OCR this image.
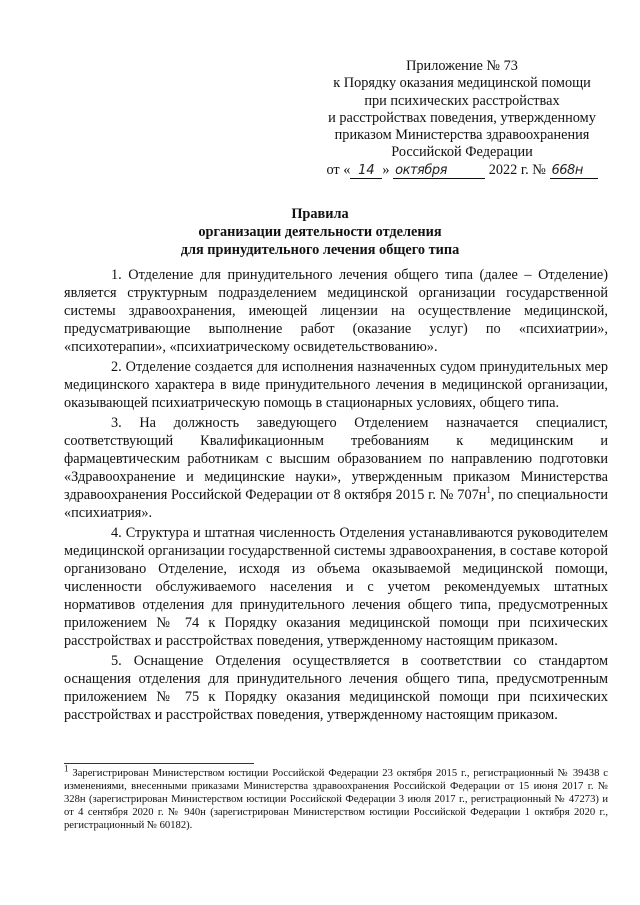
Приложение № 73
к Порядку оказания медицинской помощи
при психических расстройствах
и расстройствах поведения, утвержденному
приказом Министерства здравоохранения
Российской Федерации
от « 14 » октября	2022 г. № 668н
Правила
организации деятельности отделения
для принудительного лечения общего типа

1. Отделение для принудительного лечения общего типа (далее – Отделение) является структурным подразделением медицинской организации государственной системы здравоохранения, имеющей лицензии на осуществление медицинской, предусматривающие выполнение работ (оказание услуг) по «психиатрии», «психотерапии», «психиатрическому освидетельствованию».

2. Отделение создается для исполнения назначенных судом принудительных мер медицинского характера в виде принудительного лечения в медицинской организации, оказывающей психиатрическую помощь в стационарных условиях, общего типа.

3. На должность заведующего Отделением назначается специалист, соответствующий Квалификационным требованиям к медицинским и фармацевтическим работникам с высшим образованием по направлению подготовки «Здравоохранение и медицинские науки», утвержденным приказом Министерства здравоохранения Российской Федерации от 8 октября 2015 г. № $707н^1$, по специальности «психиатрия».

4. Структура и штатная численность Отделения устанавливаются руководителем медицинской организации государственной системы здравоохранения, в составе которой организовано Отделение, исходя из объема оказываемой медицинской помощи, численности обслуживаемого населения и с учетом рекомендуемых штатных нормативов отделения для принудительного лечения общего типа, предусмотренных приложением № 74 к Порядку оказания медицинской помощи при психических расстройствах и расстройствах поведения, утвержденному настоящим приказом.

5. Оснащение Отделения осуществляется в соответствии со стандартом оснащения отделения для принудительного лечения общего типа, предусмотренным приложением № 75 к Порядку оказания медицинской помощи при психических расстройствах и расстройствах поведения, утвержденному настоящим приказом.

$^1$ Зарегистрирован Министерством юстиции Российской Федерации 23 октября 2015 г., регистрационный № 39438 с изменениями, внесенными приказами Министерства здравоохранения Российской Федерации от 15 июня 2017 г. № 328н (зарегистрирован Министерством юстиции Российской Федерации 3 июля 2017 г., регистрационный № 47273) и от 4 сентября 2020 г. № 940н (зарегистрирован Министерством юстиции Российской Федерации 1 октября 2020 г., регистрационный № 60182).
